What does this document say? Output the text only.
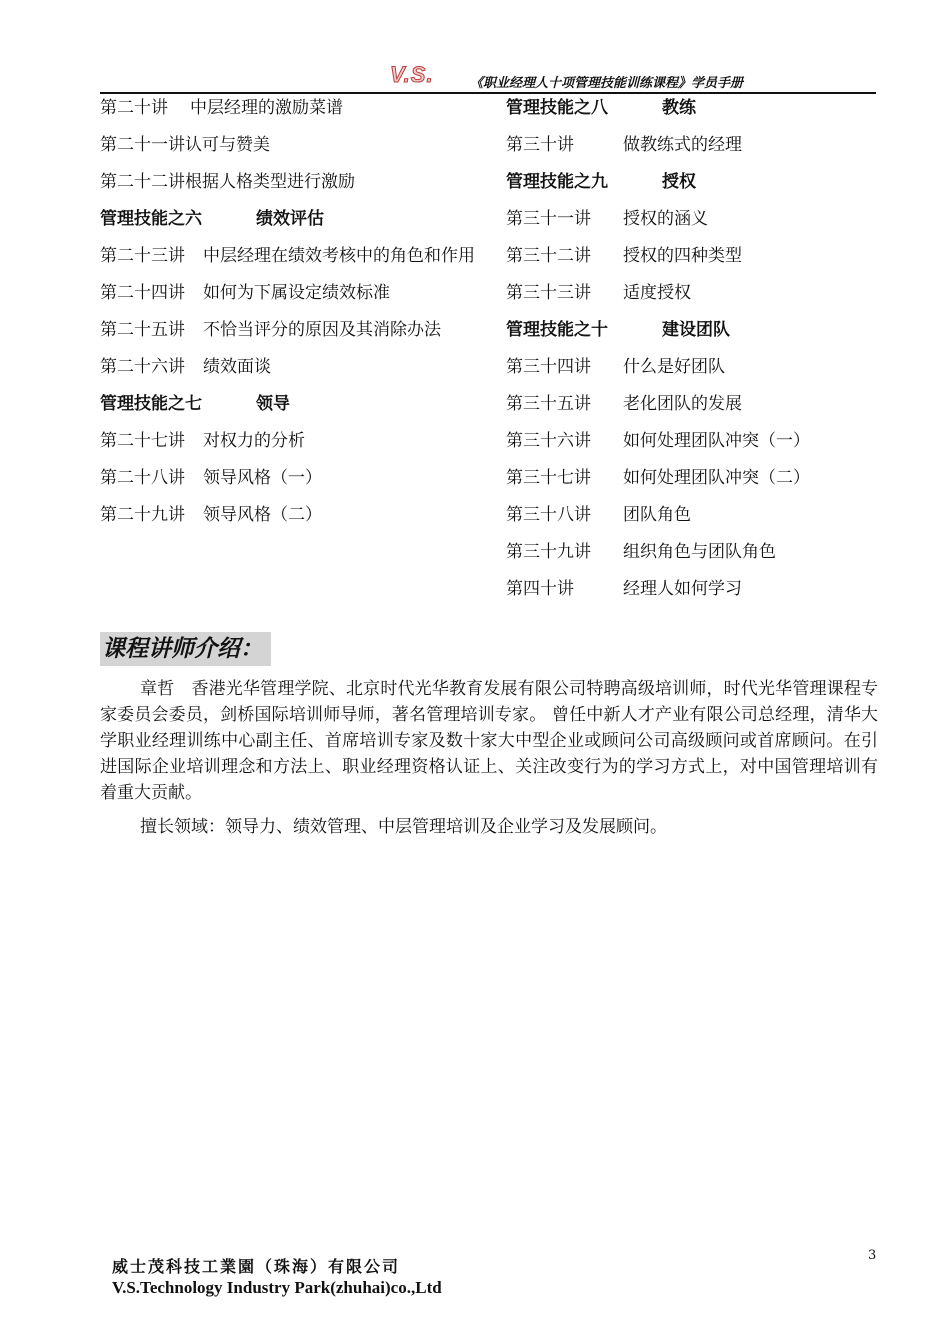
V.S.	《职业经理人十项管理技能训练课程》学员手册
第二十讲 中层经理的激励菜谱
第二十一讲认可与赞美
第二十二讲根据人格类型进行激励
管理技能之六	绩效评估
第二十三讲 中层经理在绩效考核中的角色和作用
第二十四讲 如何为下属设定绩效标准
第二十五讲 不恰当评分的原因及其消除办法
第二十六讲 绩效面谈
管理技能之七	领导
第二十七讲 对权力的分析
第二十八讲 领导风格（一）
第二十九讲 领导风格（二）
管理技能之八	教练
第三十讲	做教练式的经理
管理技能之九	授权
第三十一讲 授权的涵义
第三十二讲 授权的四种类型
第三十三讲 适度授权
管理技能之十	建设团队
第三十四讲 什么是好团队
第三十五讲 老化团队的发展
第三十六讲 如何处理团队冲突（一）
第三十七讲 如何处理团队冲突（二）
第三十八讲 团队角色
第三十九讲 组织角色与团队角色
第四十讲	经理人如何学习
课程讲师介绍：
章哲　香港光华管理学院、北京时代光华教育发展有限公司特聘高级培训师，时代光华管理课程专家委员会委员，剑桥国际培训师导师，著名管理培训专家。 曾任中新人才产业有限公司总经理，清华大学职业经理训练中心副主任、首席培训专家及数十家大中型企业或顾问公司高级顾问或首席顾问。在引进国际企业培训理念和方法上、职业经理资格认证上、关注改变行为的学习方式上，对中国管理培训有着重大贡献。
擅长领域：领导力、绩效管理、中层管理培训及企业学习及发展顾问。
3
威士茂科技工業園（珠海）有限公司
V.S.Technology Industry Park(zhuhai)co.,Ltd
